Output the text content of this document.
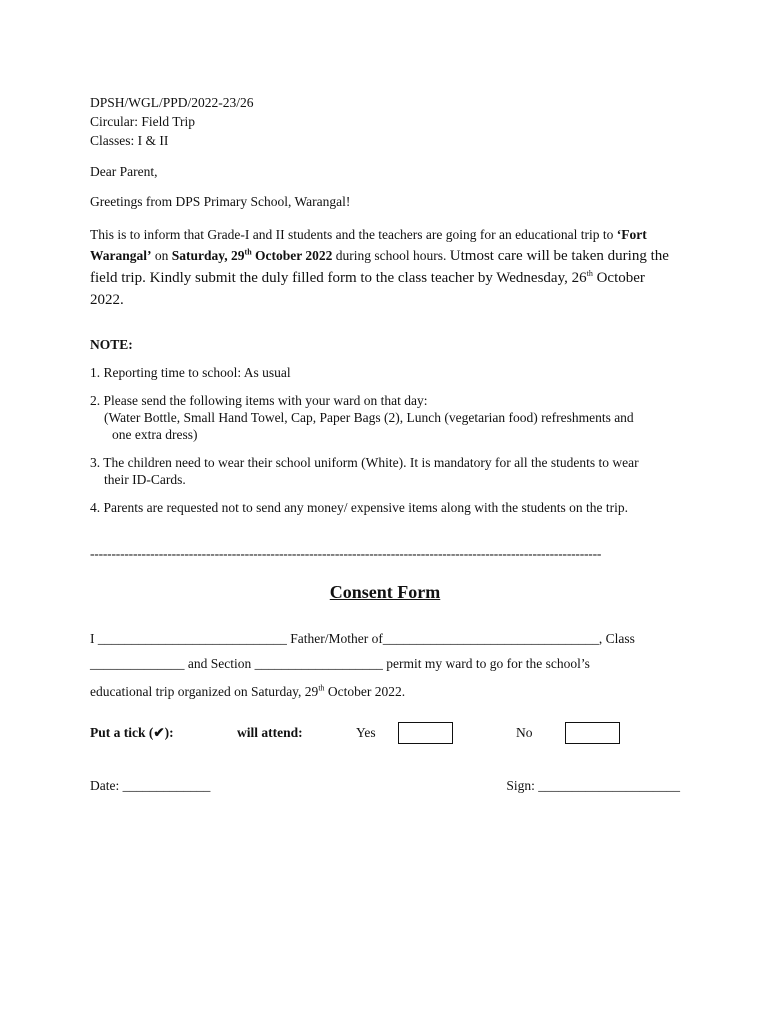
DPSH/WGL/PPD/2022-23/26
Circular: Field Trip
Classes: I & II

Dear Parent,

Greetings from DPS Primary School, Warangal!

This is to inform that Grade-I and II students and the teachers are going for an educational trip to ‘Fort Warangal’ on Saturday, 29th October 2022 during school hours. Utmost care will be taken during the field trip. Kindly submit the duly filled form to the class teacher by Wednesday, 26th October 2022.

NOTE:

1. Reporting time to school: As usual

2. Please send the following items with your ward on that day:
(Water Bottle, Small Hand Towel, Cap, Paper Bags (2), Lunch (vegetarian food) refreshments and
one extra dress)

3. The children need to wear their school uniform (White). It is mandatory for all the students to wear
their ID-Cards.

4. Parents are requested not to send any money/ expensive items along with the students on the trip.

-----------------------------------------------------------------------------------------------------------------------
Consent Form
I ____________________________ Father/Mother of________________________________, Class
______________ and Section ___________________ permit my ward to go for the school’s
educational trip organized on Saturday, 29th October 2022.
Put a tick (✔):	will attend:	Yes	No
Date: _____________	Sign: _____________________
